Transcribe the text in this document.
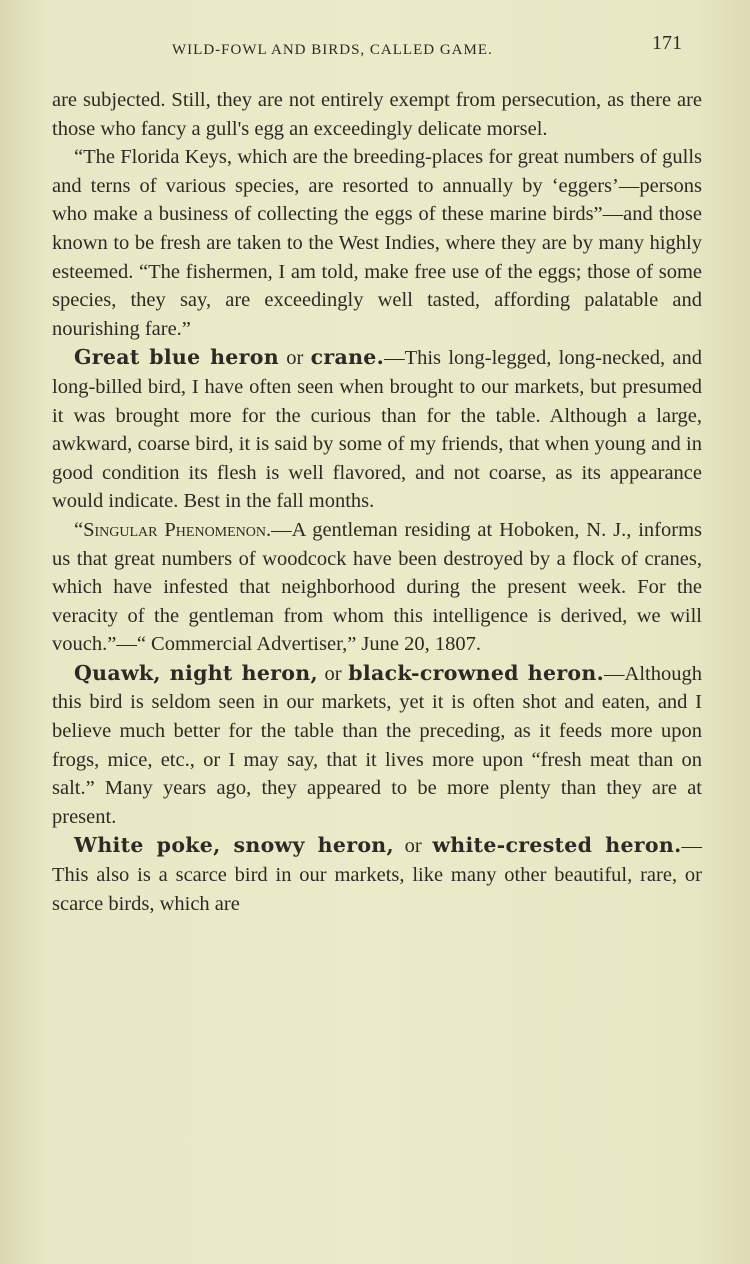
WILD-FOWL AND BIRDS, CALLED GAME.	171

are subjected. Still, they are not entirely exempt from persecution, as there are those who fancy a gull's egg an exceedingly delicate morsel.

“The Florida Keys, which are the breeding-places for great numbers of gulls and terns of various species, are resorted to annually by ‘eggers’—persons who make a business of collecting the eggs of these marine birds”—and those known to be fresh are taken to the West Indies, where they are by many highly esteemed. “The fishermen, I am told, make free use of the eggs; those of some species, they say, are exceedingly well tasted, affording palatable and nourishing fare.”

Great blue heron or crane.—This long-legged, long-necked, and long-billed bird, I have often seen when brought to our markets, but presumed it was brought more for the curious than for the table. Although a large, awkward, coarse bird, it is said by some of my friends, that when young and in good condition its flesh is well flavored, and not coarse, as its appearance would indicate. Best in the fall months.

“Singular Phenomenon.—A gentleman residing at Hoboken, N. J., informs us that great numbers of woodcock have been destroyed by a flock of cranes, which have infested that neighborhood during the present week. For the veracity of the gentleman from whom this intelligence is derived, we will vouch.”—“ Commercial Advertiser,” June 20, 1807.

Quawk, night heron, or black-crowned heron.—Although this bird is seldom seen in our markets, yet it is often shot and eaten, and I believe much better for the table than the preceding, as it feeds more upon frogs, mice, etc., or I may say, that it lives more upon “fresh meat than on salt.” Many years ago, they appeared to be more plenty than they are at present.

White poke, snowy heron, or white-crested heron.—This also is a scarce bird in our markets, like many other beautiful, rare, or scarce birds, which are
